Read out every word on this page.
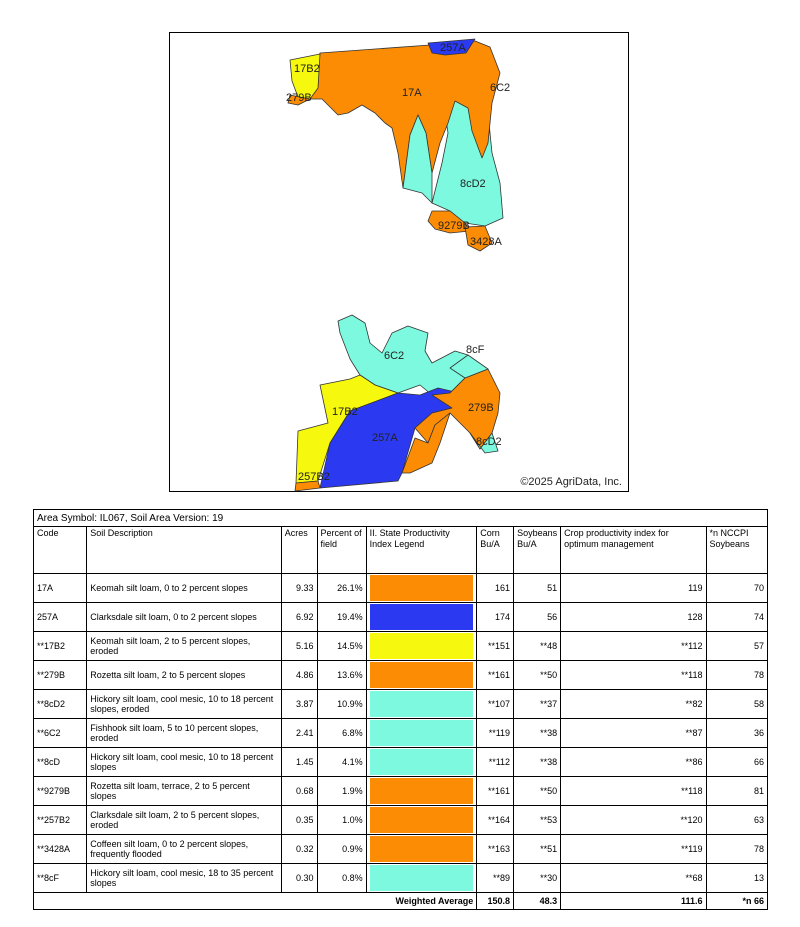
17B2
257A
279B	17A	6C2
8cD2
9279B
3428A
6C2	8cF
17B2	279B
257A	8cD2
257B2	©2025 AgriData, Inc.
Area Symbol: IL067, Soil Area Version: 19								
Code	Soil Description	Acres	Percent of field	II. State Productivity Index Legend	Corn Bu/A	Soybeans Bu/A	Crop productivity index for optimum management	*n NCCPI Soybeans
17A	Keomah silt loam, 0 to 2 percent slopes	9.33	26.1%		161	51	119	70
257A	Clarksdale silt loam, 0 to 2 percent slopes	6.92	19.4%		174	56	128	74
**17B2	Keomah silt loam, 2 to 5 percent slopes, eroded	5.16	14.5%		**151	**48	**112	57
**279B	Rozetta silt loam, 2 to 5 percent slopes	4.86	13.6%		**161	**50	**118	78
**8cD2	Hickory silt loam, cool mesic, 10 to 18 percent slopes, eroded	3.87	10.9%		**107	**37	**82	58
**6C2	Fishhook silt loam, 5 to 10 percent slopes, eroded	2.41	6.8%		**119	**38	**87	36
**8cD	Hickory silt loam, cool mesic, 10 to 18 percent slopes	1.45	4.1%		**112	**38	**86	66
**9279B	Rozetta silt loam, terrace, 2 to 5 percent slopes	0.68	1.9%		**161	**50	**118	81
**257B2	Clarksdale silt loam, 2 to 5 percent slopes, eroded	0.35	1.0%		**164	**53	**120	63
**3428A	Coffeen silt loam, 0 to 2 percent slopes, frequently flooded	0.32	0.9%		**163	**51	**119	78
**8cF	Hickory silt loam, cool mesic, 18 to 35 percent slopes	0.30	0.8%		**89	**30	**68	13
Weighted Average					150.8	48.3	111.6	*n 66
